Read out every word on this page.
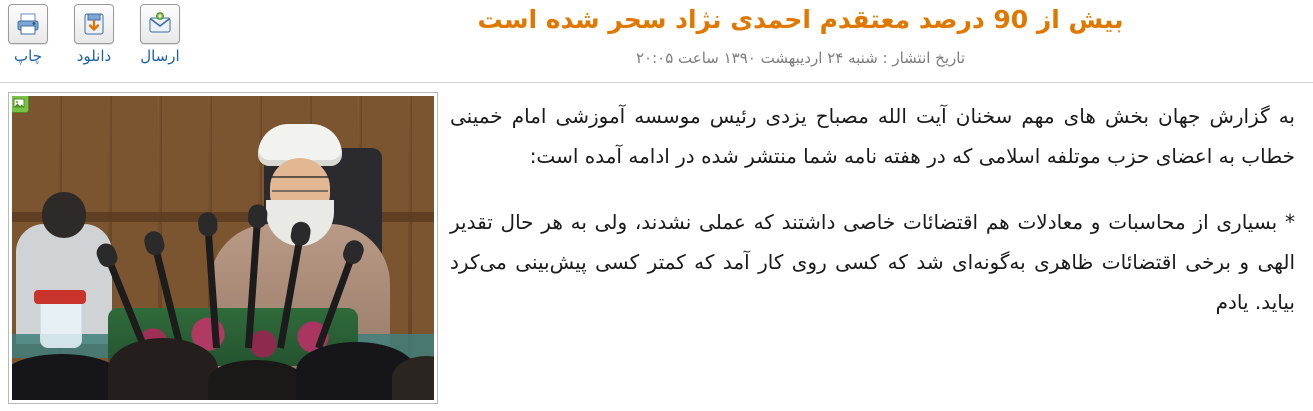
چاپ	دانلود	ارسال
بیش از 90 درصد معتقدم احمدی نژاد سحر شده است
تاریخ انتشار : شنبه ۲۴ اردیبهشت ۱۳۹۰ ساعت ۲۰:۰۵

به گزارش جهان بخش های مهم سخنان آیت الله مصباح یزدی رئیس موسسه آموزشی امام خمینی خطاب به اعضای حزب موتلفه اسلامی که در هفته نامه شما منتشر شده در ادامه آمده است:

* بسیاری از محاسبات و معادلات هم اقتضائات خاصی داشتند که عملی نشدند، ولی به هر حال تقدیر الهی و برخی اقتضائات ظاهری به‌گونه‌ای شد که کسی روی کار آمد که کمتر کسی پیش‌بینی می‌کرد بیاید. یادم
